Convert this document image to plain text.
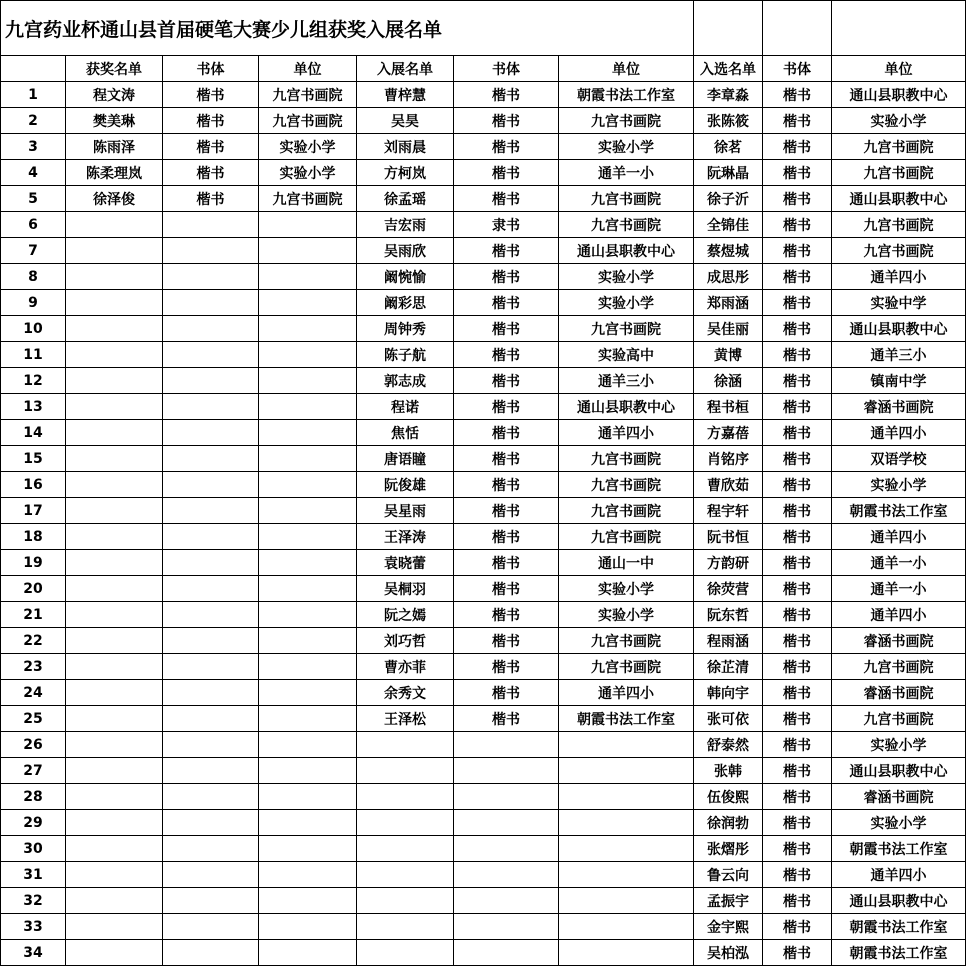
九宫药业杯通山县首届硬笔大赛少儿组获奖入展名单									
	获奖名单	书体	单位	入展名单	书体	单位	入选名单	书体	单位
1	程文涛	楷书	九宫书画院	曹梓慧	楷书	朝霞书法工作室	李章淼	楷书	通山县职教中心
2	樊美琳	楷书	九宫书画院	吴昊	楷书	九宫书画院	张陈筱	楷书	实验小学
3	陈雨泽	楷书	实验小学	刘雨晨	楷书	实验小学	徐茗	楷书	九宫书画院
4	陈柔理岚	楷书	实验小学	方柯岚	楷书	通羊一小	阮琳晶	楷书	九宫书画院
5	徐泽俊	楷书	九宫书画院	徐孟瑶	楷书	九宫书画院	徐子沂	楷书	通山县职教中心
6				吉宏雨	隶书	九宫书画院	全锦佳	楷书	九宫书画院
7				吴雨欣	楷书	通山县职教中心	蔡煜城	楷书	九宫书画院
8				阚惋愉	楷书	实验小学	成思彤	楷书	通羊四小
9				阚彩思	楷书	实验小学	郑雨涵	楷书	实验中学
10				周钟秀	楷书	九宫书画院	吴佳丽	楷书	通山县职教中心
11				陈子航	楷书	实验高中	黄博	楷书	通羊三小
12				郭志成	楷书	通羊三小	徐涵	楷书	镇南中学
13				程诺	楷书	通山县职教中心	程书桓	楷书	睿涵书画院
14				焦恬	楷书	通羊四小	方嘉蓓	楷书	通羊四小
15				唐语瞳	楷书	九宫书画院	肖铭序	楷书	双语学校
16				阮俊雄	楷书	九宫书画院	曹欣茹	楷书	实验小学
17				吴星雨	楷书	九宫书画院	程宇轩	楷书	朝霞书法工作室
18				王泽涛	楷书	九宫书画院	阮书恒	楷书	通羊四小
19				袁晓蕾	楷书	通山一中	方韵研	楷书	通羊一小
20				吴桐羽	楷书	实验小学	徐荧营	楷书	通羊一小
21				阮之嫣	楷书	实验小学	阮东哲	楷书	通羊四小
22				刘巧哲	楷书	九宫书画院	程雨涵	楷书	睿涵书画院
23				曹亦菲	楷书	九宫书画院	徐芷清	楷书	九宫书画院
24				余秀文	楷书	通羊四小	韩向宇	楷书	睿涵书画院
25				王泽松	楷书	朝霞书法工作室	张可依	楷书	九宫书画院
26							舒泰然	楷书	实验小学
27							张韩	楷书	通山县职教中心
28							伍俊熙	楷书	睿涵书画院
29							徐润勃	楷书	实验小学
30							张熠彤	楷书	朝霞书法工作室
31							鲁云向	楷书	通羊四小
32							孟振宇	楷书	通山县职教中心
33							金宇熙	楷书	朝霞书法工作室
34							吴柏泓	楷书	朝霞书法工作室
